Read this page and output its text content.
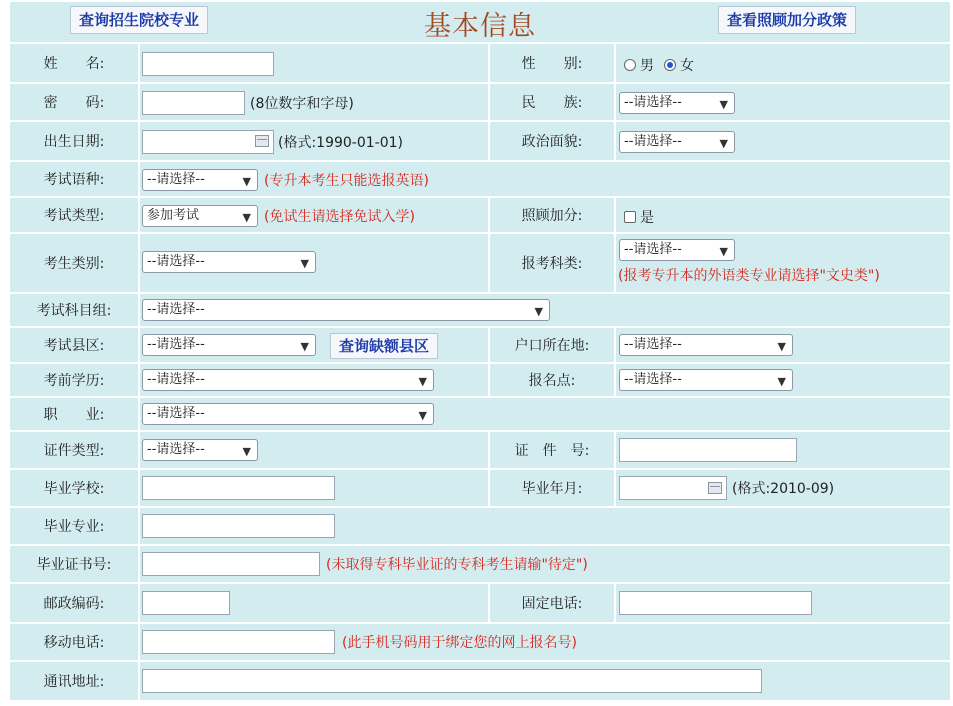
基本信息
查询招生院校专业	查看照顾加分政策
姓　　名:	性　　别:	男 女
密　　码:	(8位数字和字母)	民　　族:	--请选择--	▼
出生日期:	(格式:1990-01-01)	政治面貌:	--请选择--	▼
考试语种:	--请选择--	▼ (专升本考生只能选报英语)
考试类型:	参加考试	▼ (免试生请选择免试入学)	照顾加分:	是
考生类别:	--请选择--	▼	报考科类:
--请选择--	▼
(报考专升本的外语类专业请选择"文史类")
考试科目组:	--请选择--	▼
考试县区:	--请选择--	▼	查询缺额县区	户口所在地:	--请选择--	▼
考前学历:	--请选择--	▼	报名点:	--请选择--	▼
职　　业:	--请选择--	▼
证件类型:	--请选择--	▼	证　件　号:
毕业学校:	毕业年月:	(格式:2010-09)
毕业专业:
毕业证书号:	(未取得专科毕业证的专科考生请输"待定")
邮政编码:	固定电话:
移动电话:	(此手机号码用于绑定您的网上报名号)
通讯地址:
